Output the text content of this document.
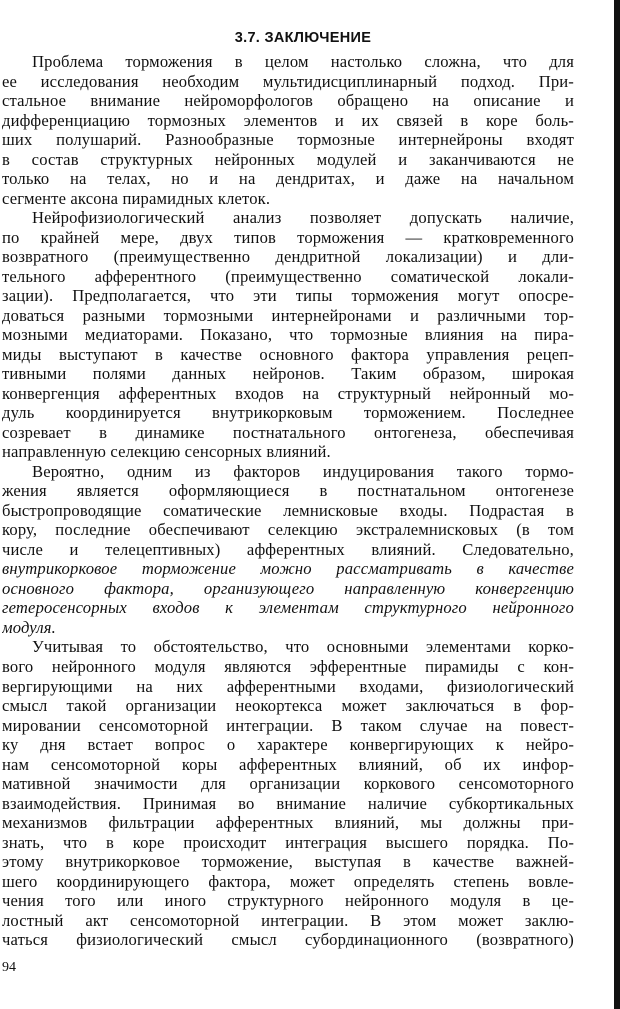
3.7. ЗАКЛЮЧЕНИЕ
Проблема торможения в целом настолько сложна, что для
ее исследования необходим мультидисциплинарный подход. При-
стальное внимание нейроморфологов обращено на описание и
дифференциацию тормозных элементов и их связей в коре боль-
ших полушарий. Разнообразные тормозные интернейроны входят
в состав структурных нейронных модулей и заканчиваются не
только на телах, но и на дендритах, и даже на начальном
сегменте аксона пирамидных клеток.
Нейрофизиологический анализ позволяет допускать наличие,
по крайней мере, двух типов торможения — кратковременного
возвратного (преимущественно дендритной локализации) и дли-
тельного афферентного (преимущественно соматической локали-
зации). Предполагается, что эти типы торможения могут опосре-
доваться разными тормозными интернейронами и различными тор-
мозными медиаторами. Показано, что тормозные влияния на пира-
миды выступают в качестве основного фактора управления рецеп-
тивными полями данных нейронов. Таким образом, широкая
конвергенция афферентных входов на структурный нейронный мо-
дуль координируется внутрикорковым торможением. Последнее
созревает в динамике постнатального онтогенеза, обеспечивая
направленную селекцию сенсорных влияний.
Вероятно, одним из факторов индуцирования такого тормо-
жения является оформляющиеся в постнатальном онтогенезе
быстропроводящие соматические лемнисковые входы. Подрастая в
кору, последние обеспечивают селекцию экстралемнисковых (в том
числе и телецептивных) афферентных влияний. Следовательно,
внутрикорковое торможение можно рассматривать в качестве
основного фактора, организующего направленную конвергенцию
гетеросенсорных входов к элементам структурного нейронного
модуля.
Учитывая то обстоятельство, что основными элементами корко-
вого нейронного модуля являются эфферентные пирамиды с кон-
вергирующими на них афферентными входами, физиологический
смысл такой организации неокортекса может заключаться в фор-
мировании сенсомоторной интеграции. В таком случае на повест-
ку дня встает вопрос о характере конвергирующих к нейро-
нам сенсомоторной коры афферентных влияний, об их инфор-
мативной значимости для организации коркового сенсомоторного
взаимодействия. Принимая во внимание наличие субкортикальных
механизмов фильтрации афферентных влияний, мы должны при-
знать, что в коре происходит интеграция высшего порядка. По-
этому внутрикорковое торможение, выступая в качестве важней-
шего координирующего фактора, может определять степень вовле-
чения того или иного структурного нейронного модуля в це-
лостный акт сенсомоторной интеграции. В этом может заклю-
чаться физиологический смысл субординационного (возвратного)
94
